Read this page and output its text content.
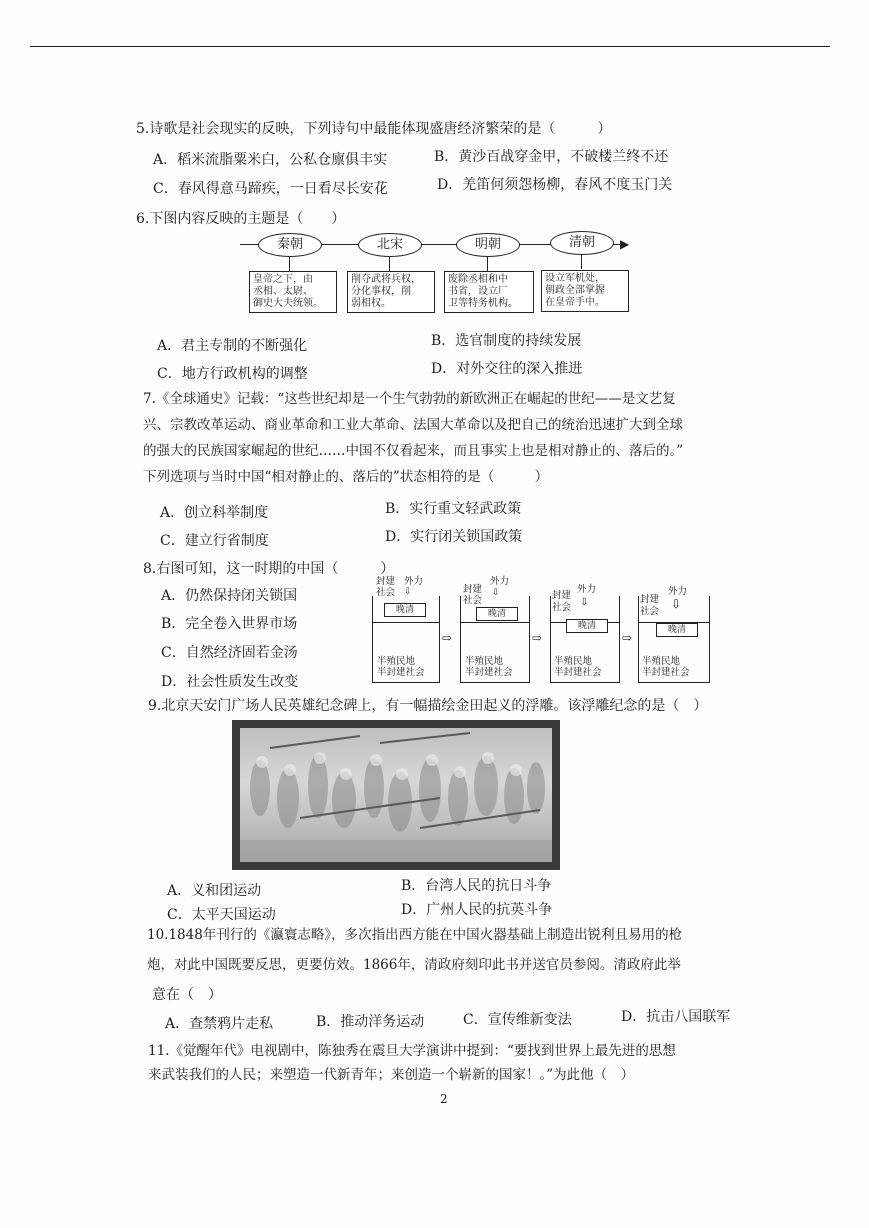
5.诗歌是社会现实的反映，下列诗句中最能体现盛唐经济繁荣的是（　　　）
A．稻米流脂粟米白，公私仓廪俱丰实	B．黄沙百战穿金甲，不破楼兰终不还
C．春风得意马蹄疾，一日看尽长安花	D．羌笛何须怨杨柳，春风不度玉门关
6.下图内容反映的主题是（　　）
▶
秦朝	北宋	明朝	清朝
皇帝之下，由
丞相、太尉、
御史大夫统领。
削夺武将兵权，
分化事权，削
弱相权。
废除丞相和中
书省，设立厂
卫等特务机构。
设立军机处，
朝政全部掌握
在皇帝手中。
A．君主专制的不断强化	B．选官制度的持续发展
C．地方行政机构的调整	D．对外交往的深入推进
7.《全球通史》记载：“这些世纪却是一个生气勃勃的新欧洲正在崛起的世纪——是文艺复
兴、宗教改革运动、商业革命和工业大革命、法国大革命以及把自己的统治迅速扩大到全球
的强大的民族国家崛起的世纪……中国不仅看起来，而且事实上也是相对静止的、落后的。”
下列选项与当时中国“相对静止的、落后的”状态相符的是（　　　）
A．创立科举制度	B．实行重文轻武政策
C．建立行省制度	D．实行闭关锁国政策
8.右图可知，这一时期的中国（　　　）
A．仍然保持闭关锁国
B．完全卷入世界市场
C．自然经济固若金汤
D．社会性质发生改变
封建
社会
外力
⇩
晚清
半殖民地
半封建社会
⇨
封建
社会
外力
⇩
晚清
半殖民地
半封建社会
⇨
封建
社会
外力
⇩
晚清
半殖民地
半封建社会
⇨
封建
社会
外力
⇩
晚清
半殖民地
半封建社会
9.北京天安门广场人民英雄纪念碑上，有一幅描绘金田起义的浮雕。该浮雕纪念的是（　）
A．义和团运动	B．台湾人民的抗日斗争
C．太平天国运动	D．广州人民的抗英斗争
10.1848年刊行的《瀛寰志略》，多次指出西方能在中国火器基础上制造出锐利且易用的枪
炮，对此中国既要反思，更要仿效。1866年，清政府刻印此书并送官员参阅。清政府此举
意在（　）
A．查禁鸦片走私	B．推动洋务运动	C．宣传维新变法	D．抗击八国联军
11.《觉醒年代》电视剧中，陈独秀在震旦大学演讲中提到：“要找到世界上最先进的思想
来武装我们的人民；来塑造一代新青年；来创造一个崭新的国家！。”为此他（　）
2
